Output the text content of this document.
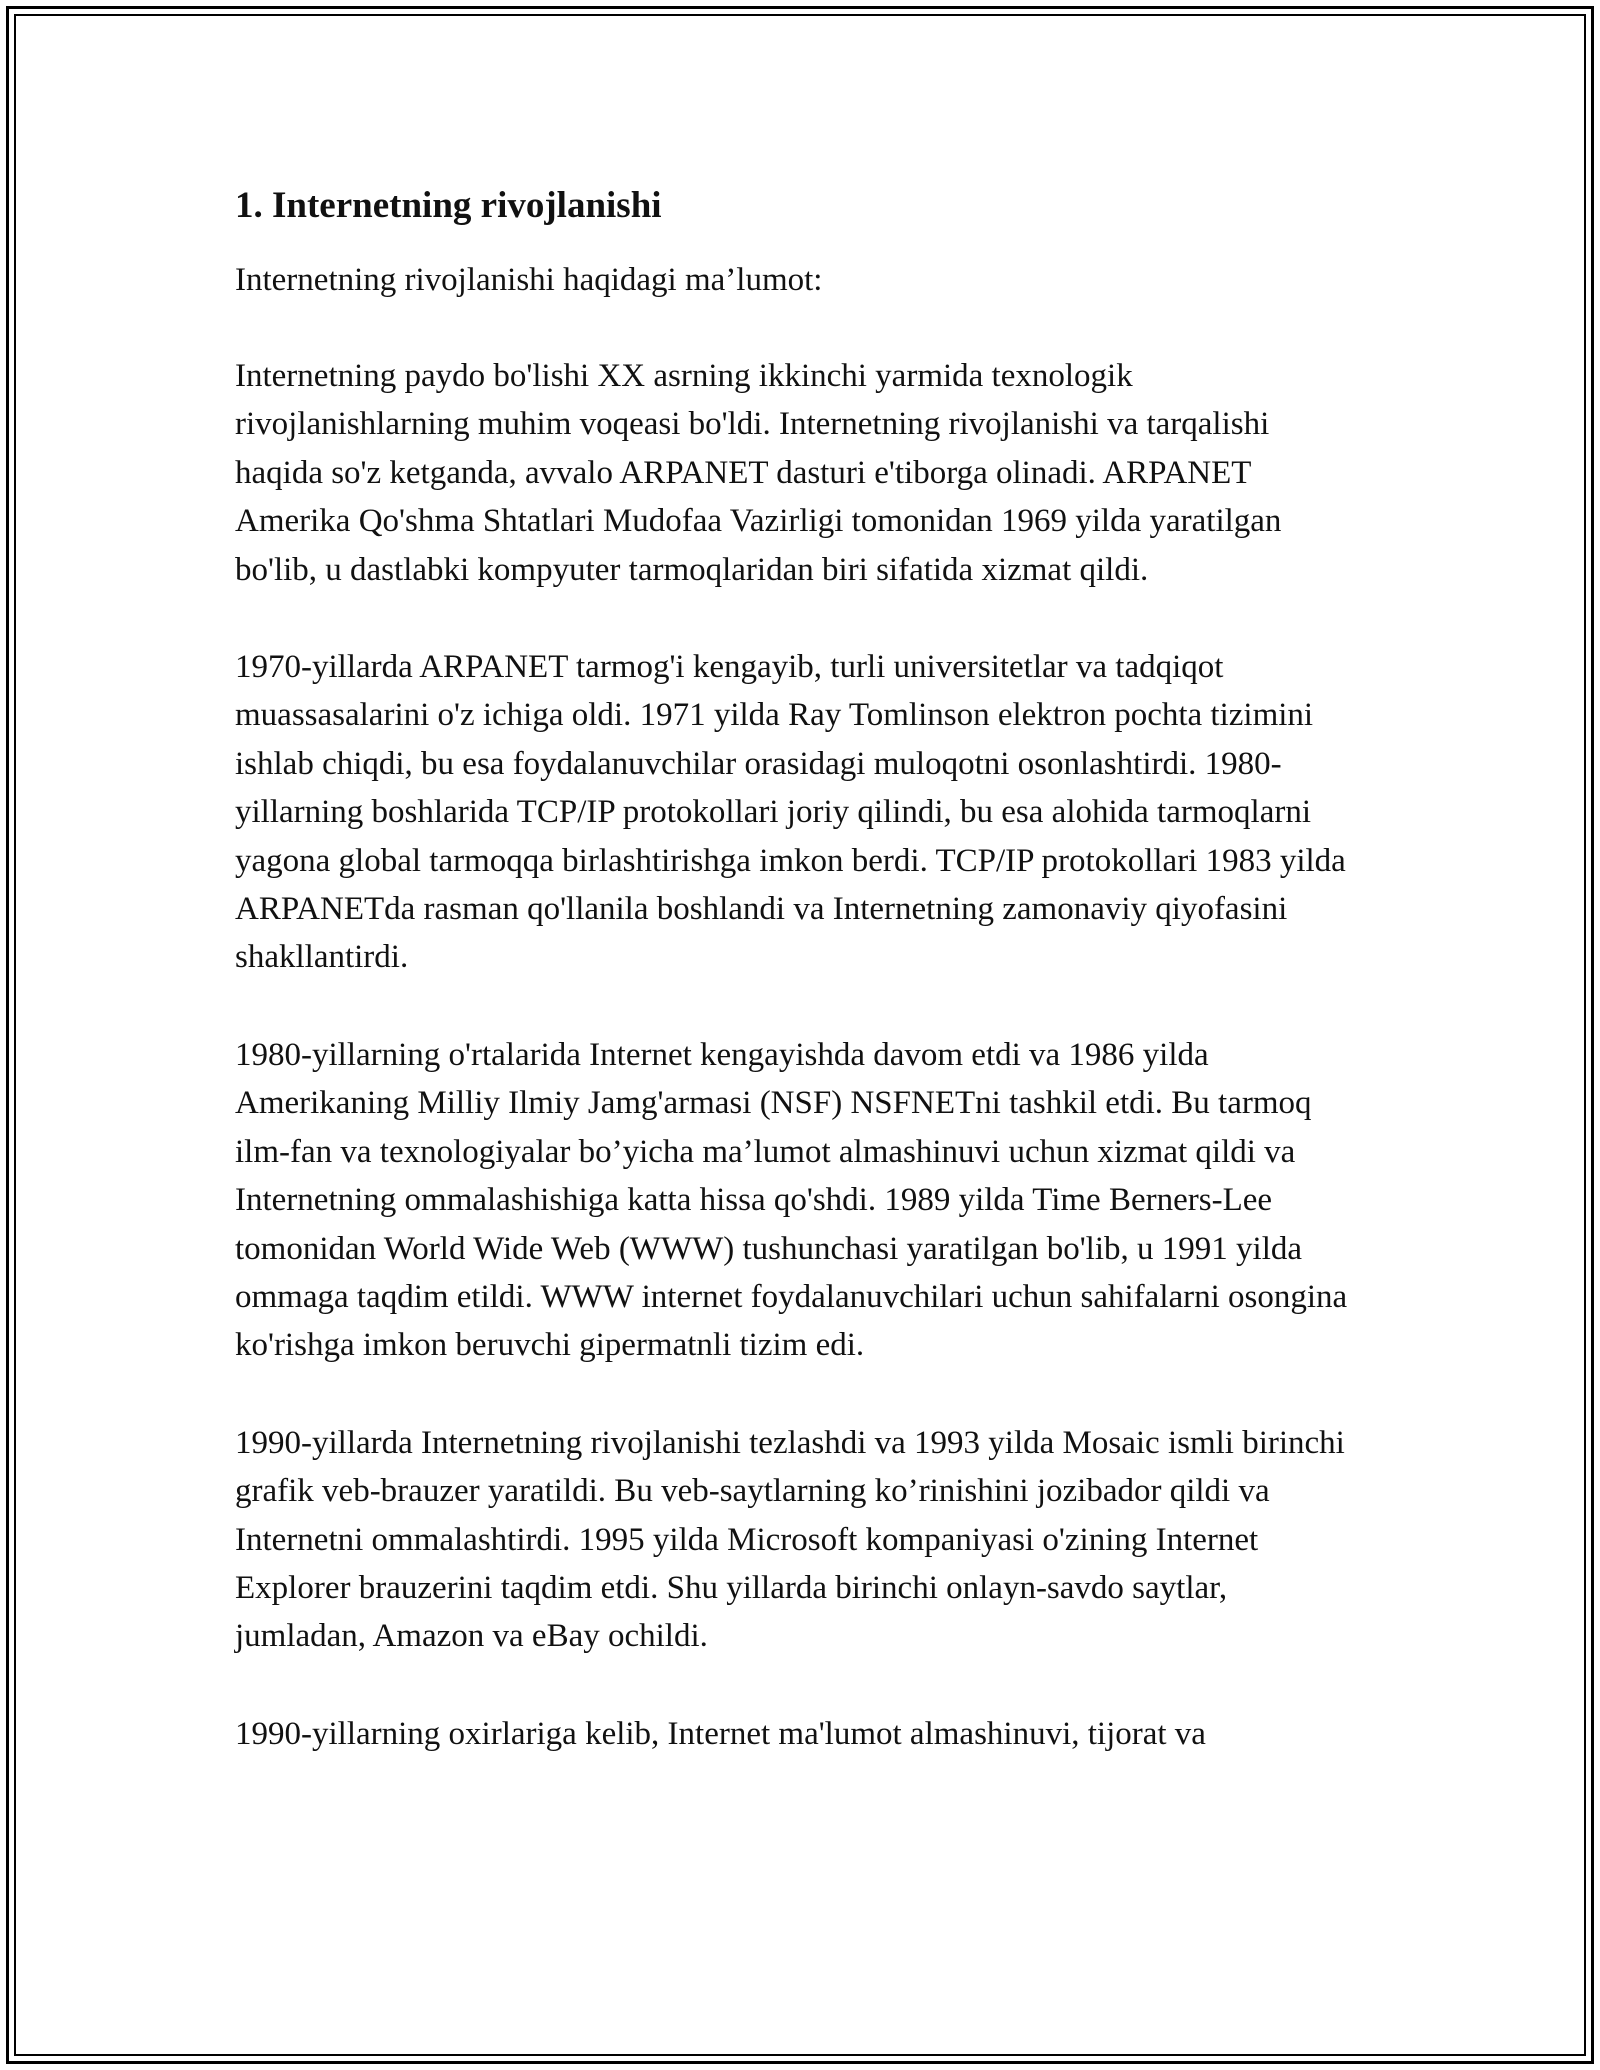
1. Internetning rivojlanishi

Internetning rivojlanishi haqidagi ma’lumot:

Internetning paydo bo'lishi XX asrning ikkinchi yarmida texnologik rivojlanishlarning muhim voqeasi bo'ldi. Internetning rivojlanishi va tarqalishi haqida so'z ketganda, avvalo ARPANET dasturi e'tiborga olinadi. ARPANET Amerika Qo'shma Shtatlari Mudofaa Vazirligi tomonidan 1969 yilda yaratilgan bo'lib, u dastlabki kompyuter tarmoqlaridan biri sifatida xizmat qildi.

1970-yillarda ARPANET tarmog'i kengayib, turli universitetlar va tadqiqot muassasalarini o'z ichiga oldi. 1971 yilda Ray Tomlinson elektron pochta tizimini ishlab chiqdi, bu esa foydalanuvchilar orasidagi muloqotni osonlashtirdi. 1980-yillarning boshlarida TCP/IP protokollari joriy qilindi, bu esa alohida tarmoqlarni yagona global tarmoqqa birlashtirishga imkon berdi. TCP/IP protokollari 1983 yilda ARPANETda rasman qo'llanila boshlandi va Internetning zamonaviy qiyofasini shakllantirdi.

1980-yillarning o'rtalarida Internet kengayishda davom etdi va 1986 yilda Amerikaning Milliy Ilmiy Jamg'armasi (NSF) NSFNETni tashkil etdi. Bu tarmoq ilm-fan va texnologiyalar bo’yicha ma’lumot almashinuvi uchun xizmat qildi va Internetning ommalashishiga katta hissa qo'shdi. 1989 yilda Time Berners-Lee tomonidan World Wide Web (WWW) tushunchasi yaratilgan bo'lib, u 1991 yilda ommaga taqdim etildi. WWW internet foydalanuvchilari uchun sahifalarni osongina ko'rishga imkon beruvchi gipermatnli tizim edi.

1990-yillarda Internetning rivojlanishi tezlashdi va 1993 yilda Mosaic ismli birinchi grafik veb-brauzer yaratildi. Bu veb-saytlarning ko’rinishini jozibador qildi va Internetni ommalashtirdi. 1995 yilda Microsoft kompaniyasi o'zining Internet Explorer brauzerini taqdim etdi. Shu yillarda birinchi onlayn-savdo saytlar, jumladan, Amazon va eBay ochildi.

1990-yillarning oxirlariga kelib, Internet ma'lumot almashinuvi, tijorat va
